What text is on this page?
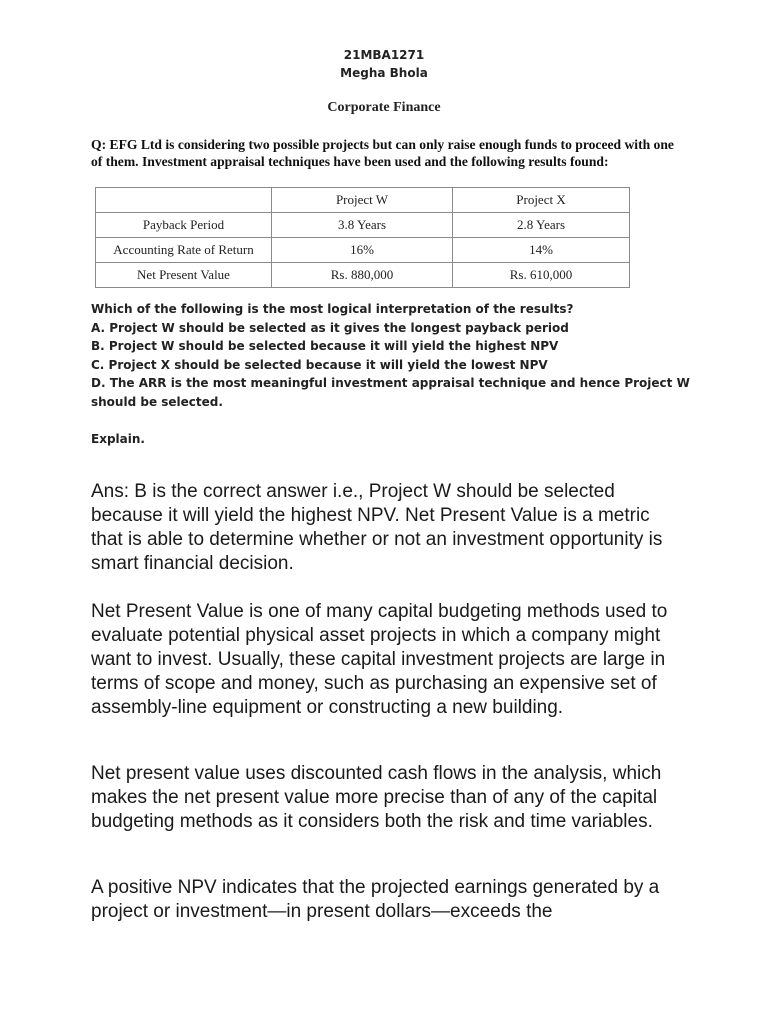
21MBA1271
Megha Bhola
Corporate Finance
Q: EFG Ltd is considering two possible projects but can only raise enough funds to proceed with one of them. Investment appraisal techniques have been used and the following results found:
	Project W	Project X
Payback Period	3.8 Years	2.8 Years
Accounting Rate of Return	16%	14%
Net Present Value	Rs. 880,000	Rs. 610,000
Which of the following is the most logical interpretation of the results?
A. Project W should be selected as it gives the longest payback period
B. Project W should be selected because it will yield the highest NPV
C. Project X should be selected because it will yield the lowest NPV
D. The ARR is the most meaningful investment appraisal technique and hence Project W should be selected.
Explain.

Ans: B is the correct answer i.e., Project W should be selected because it will yield the highest NPV. Net Present Value is a metric that is able to determine whether or not an investment opportunity is smart financial decision.

Net Present Value is one of many capital budgeting methods used to evaluate potential physical asset projects in which a company might want to invest. Usually, these capital investment projects are large in terms of scope and money, such as purchasing an expensive set of assembly-line equipment or constructing a new building.

Net present value uses discounted cash flows in the analysis, which makes the net present value more precise than of any of the capital budgeting methods as it considers both the risk and time variables.

A positive NPV indicates that the projected earnings generated by a project or investment—in present dollars—exceeds the
